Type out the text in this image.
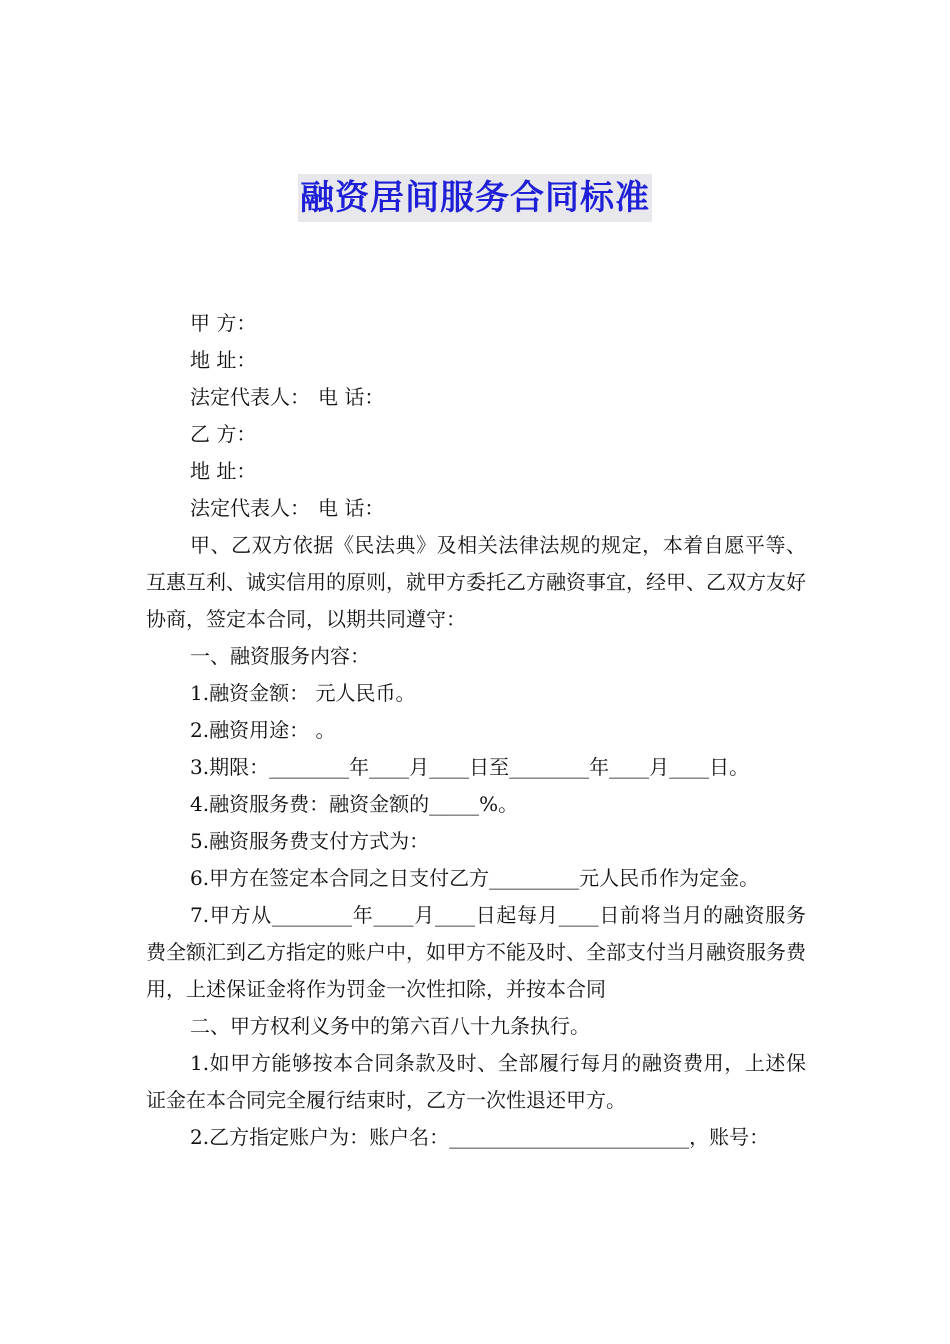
融资居间服务合同标准

甲 方：

地 址：

法定代表人： 电 话：

乙 方：

地 址：

法定代表人： 电 话：

甲、乙双方依据《民法典》及相关法律法规的规定，本着自愿平等、互惠互利、诚实信用的原则，就甲方委托乙方融资事宜，经甲、乙双方友好协商，签定本合同，以期共同遵守：

一、融资服务内容：

1.融资金额： 元人民币。

2.融资用途： 。

3.期限：________年____月____日至________年____月____日。

4.融资服务费：融资金额的_____%。

5.融资服务费支付方式为：

6.甲方在签定本合同之日支付乙方_________元人民币作为定金。

7.甲方从________年____月____日起每月____日前将当月的融资服务费全额汇到乙方指定的账户中，如甲方不能及时、全部支付当月融资服务费用，上述保证金将作为罚金一次性扣除，并按本合同

二、甲方权利义务中的第六百八十九条执行。

1.如甲方能够按本合同条款及时、全部履行每月的融资费用，上述保证金在本合同完全履行结束时，乙方一次性退还甲方。

2.乙方指定账户为：账户名：________________________，账号：
